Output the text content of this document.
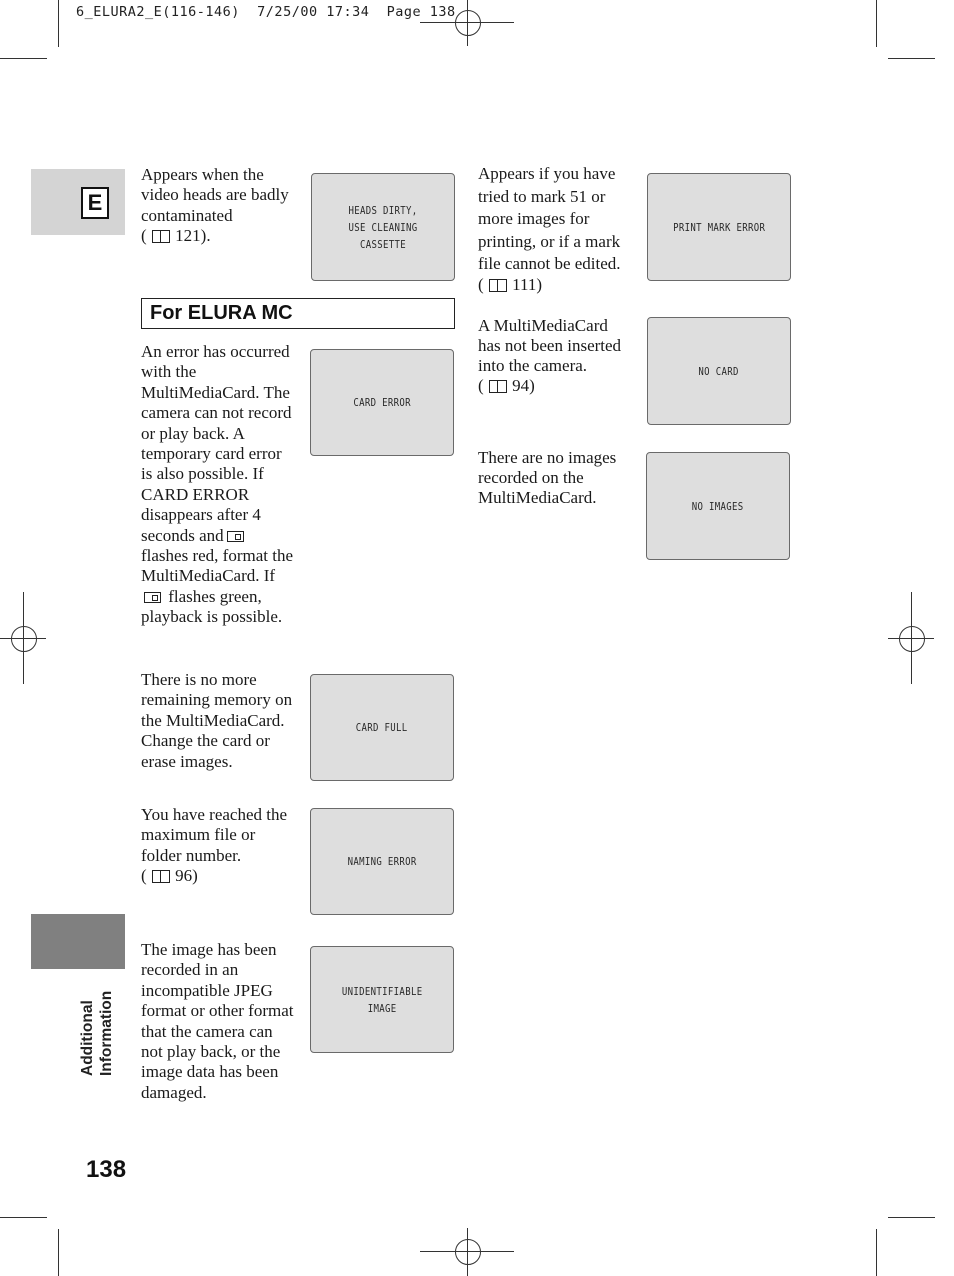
6_ELURA2_E(116-146)  7/25/00 17:34  Page 138
E
Additional Information
138
Appears when the
video heads are badly
contaminated
( 121).
HEADS DIRTY,
USE CLEANING CASSETTE
For ELURA MC
An error has occurred
with the
MultiMediaCard. The
camera can not record
or play back. A
temporary card error
is also possible. If
CARD ERROR
disappears after 4
seconds and
flashes red, format the
MultiMediaCard. If
flashes green,
playback is possible.
CARD ERROR
There is no more
remaining memory on
the MultiMediaCard.
Change the card or
erase images.
CARD FULL
You have reached the
maximum file or
folder number.
( 96)
NAMING ERROR
The image has been
recorded in an
incompatible JPEG
format or other format
that the camera can
not play back, or the
image data has been
damaged.
UNIDENTIFIABLE
IMAGE
Appears if you have
tried to mark 51 or
more images for
printing, or if a mark
file cannot be edited.
( 111)
PRINT MARK ERROR
A MultiMediaCard
has not been inserted
into the camera.
( 94)
NO CARD
There are no images
recorded on the
MultiMediaCard.	NO IMAGES
